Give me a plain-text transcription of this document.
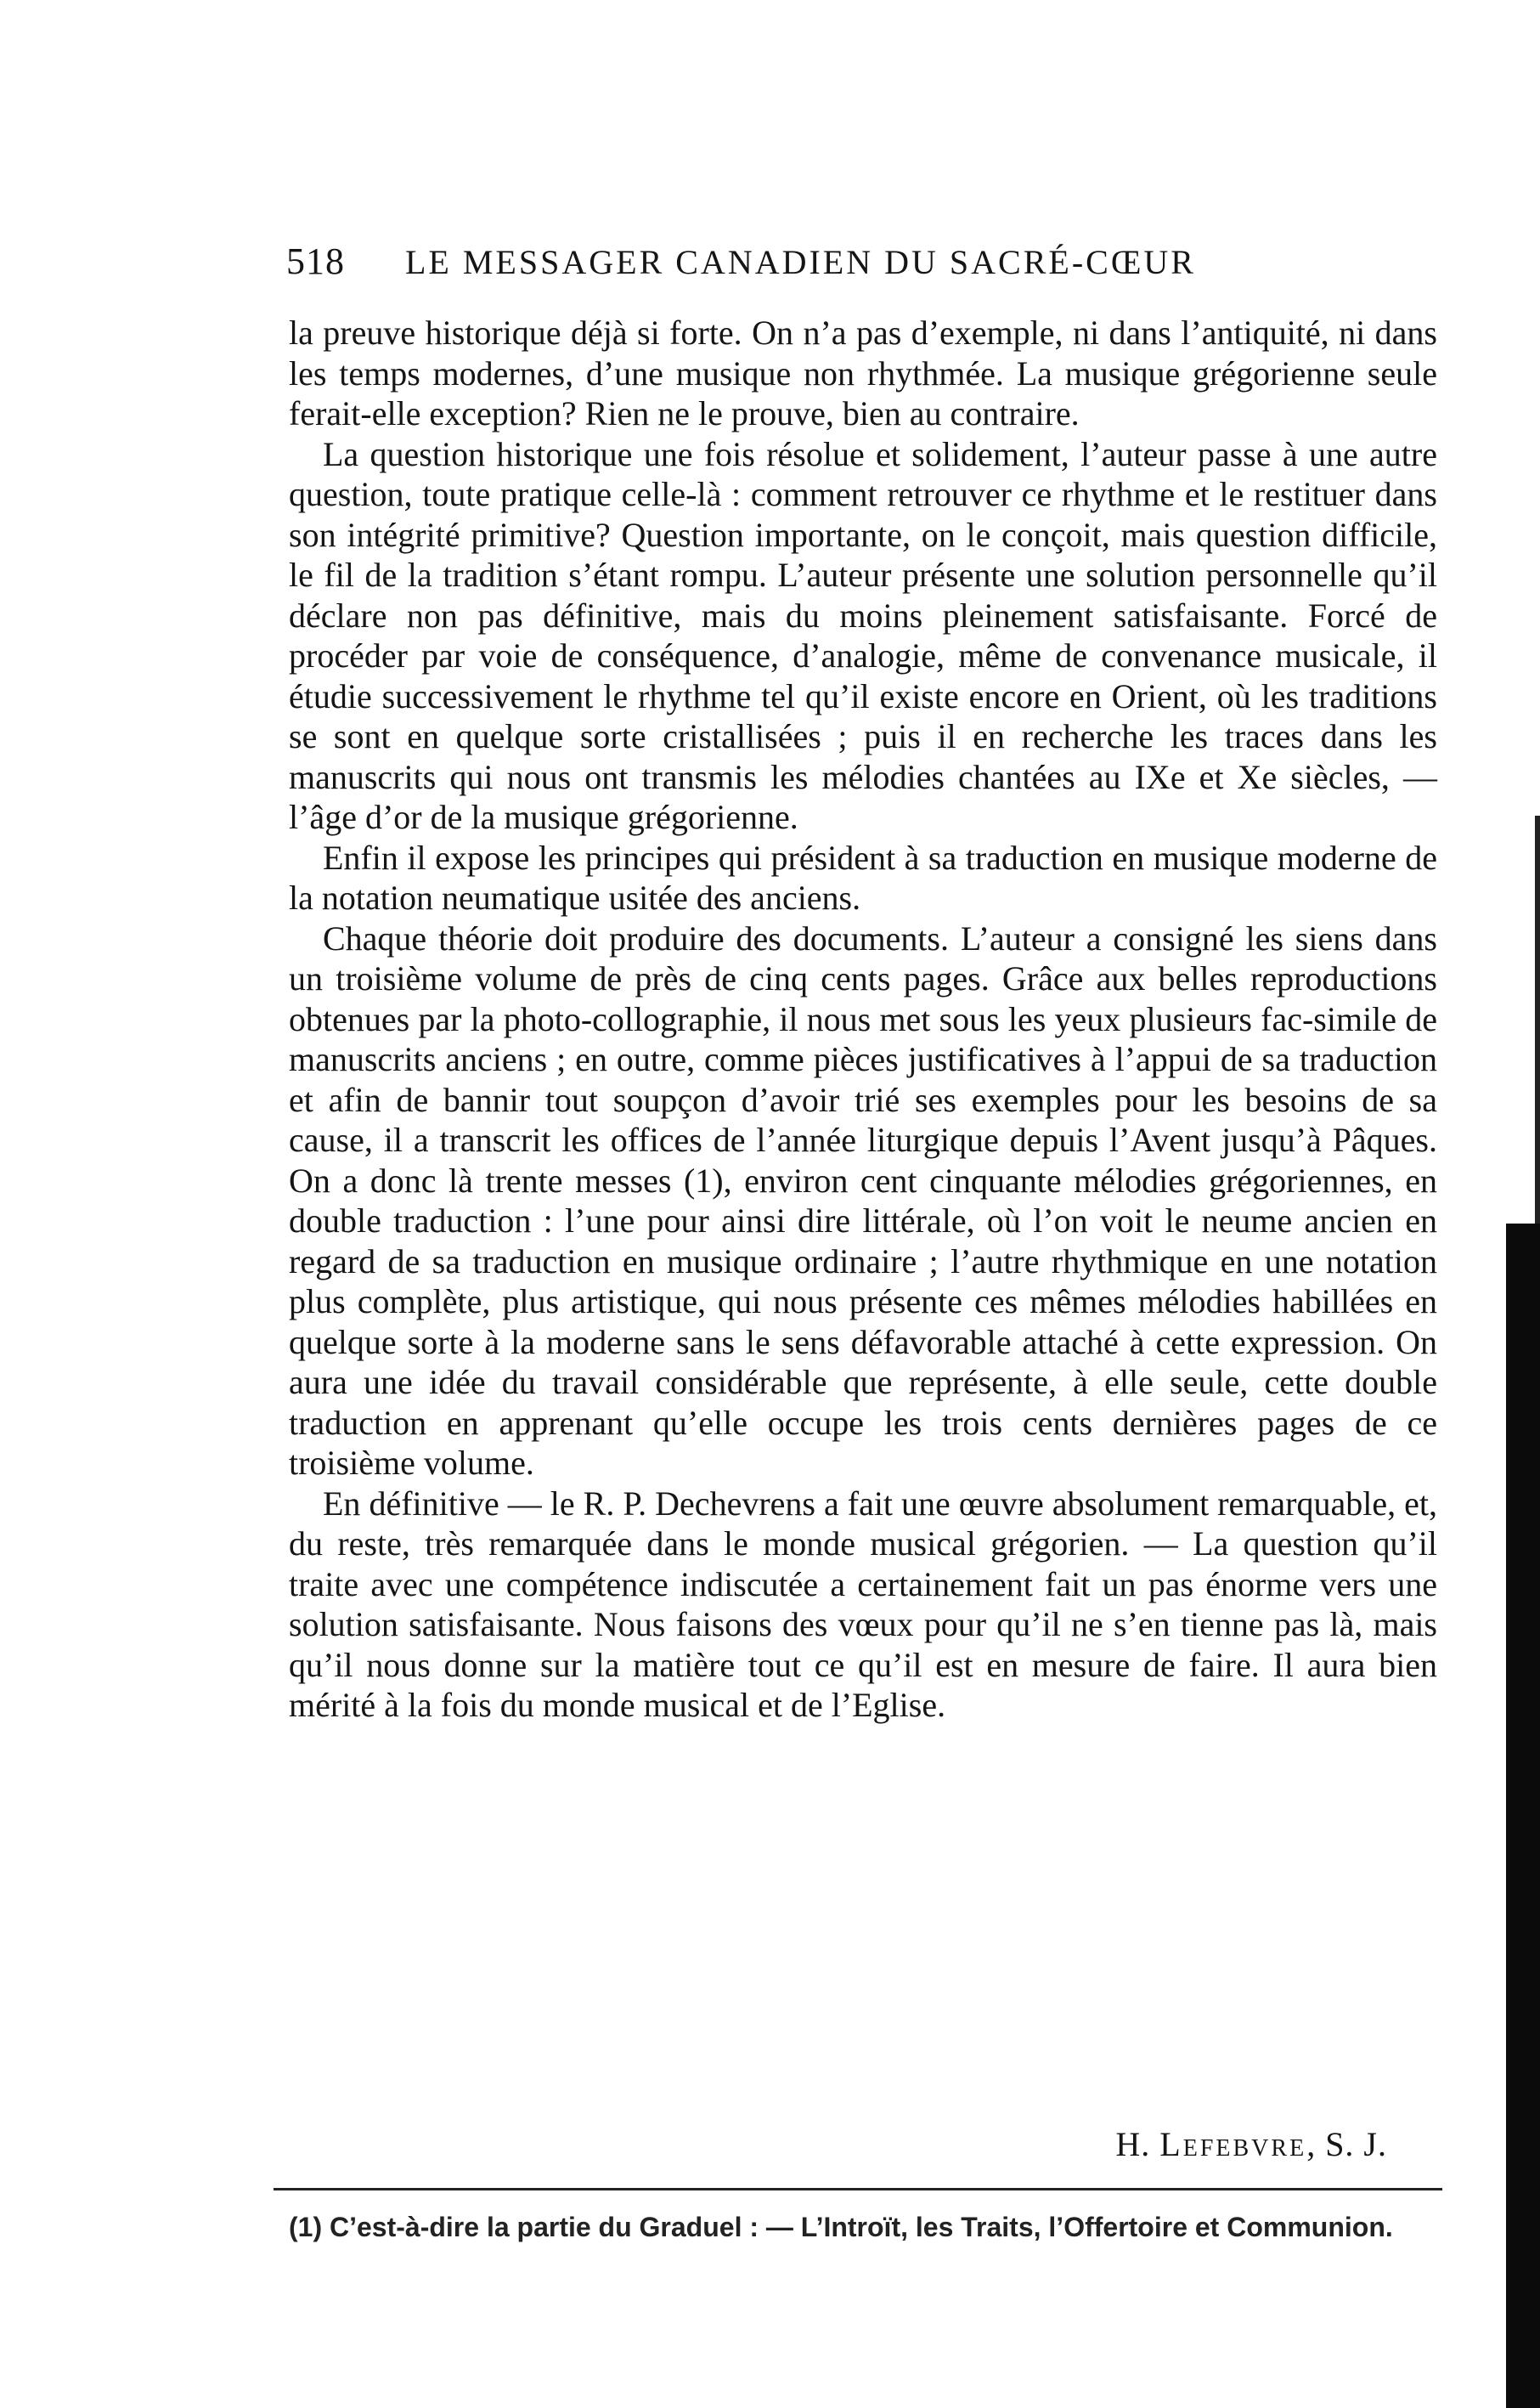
518	LE MESSAGER CANADIEN DU SACRÉ-CŒUR

la preuve historique déjà si forte. On n’a pas d’exemple, ni dans l’antiquité, ni dans les temps modernes, d’une musique non rhythmée. La musique grégorienne seule ferait-elle exception? Rien ne le prouve, bien au contraire.

La question historique une fois résolue et solidement, l’auteur passe à une autre question, toute pratique celle-là : comment retrouver ce rhythme et le restituer dans son intégrité primitive? Question importante, on le conçoit, mais question difficile, le fil de la tradition s’étant rompu. L’auteur présente une solution personnelle qu’il déclare non pas définitive, mais du moins pleinement satisfaisante. Forcé de procéder par voie de conséquence, d’analogie, même de convenance musicale, il étudie successivement le rhythme tel qu’il existe encore en Orient, où les traditions se sont en quelque sorte cristallisées ; puis il en recherche les traces dans les manuscrits qui nous ont transmis les mélodies chantées au IXe et Xe siècles, — l’âge d’or de la musique grégorienne.

Enfin il expose les principes qui président à sa traduction en musique moderne de la notation neumatique usitée des anciens.

Chaque théorie doit produire des documents. L’auteur a consigné les siens dans un troisième volume de près de cinq cents pages. Grâce aux belles reproductions obtenues par la photo-collographie, il nous met sous les yeux plusieurs fac-simile de manuscrits anciens ; en outre, comme pièces justificatives à l’appui de sa traduction et afin de bannir tout soupçon d’avoir trié ses exemples pour les besoins de sa cause, il a transcrit les offices de l’année liturgique depuis l’Avent jusqu’à Pâques. On a donc là trente messes (1), environ cent cinquante mélodies grégoriennes, en double traduction : l’une pour ainsi dire littérale, où l’on voit le neume ancien en regard de sa traduction en musique ordinaire ; l’autre rhythmique en une notation plus complète, plus artistique, qui nous présente ces mêmes mélodies habillées en quelque sorte à la moderne sans le sens défavorable attaché à cette expression. On aura une idée du travail considérable que représente, à elle seule, cette double traduction en apprenant qu’elle occupe les trois cents dernières pages de ce troisième volume.

En définitive — le R. P. Dechevrens a fait une œuvre absolument remarquable, et, du reste, très remarquée dans le monde musical grégorien. — La question qu’il traite avec une compétence indiscutée a certainement fait un pas énorme vers une solution satisfaisante. Nous faisons des vœux pour qu’il ne s’en tienne pas là, mais qu’il nous donne sur la matière tout ce qu’il est en mesure de faire. Il aura bien mérité à la fois du monde musical et de l’Eglise.

H. Lefebvre, S. J.
(1) C’est-à-dire la partie du Graduel : — L’Introït, les Traits, l’Offertoire et Communion.
